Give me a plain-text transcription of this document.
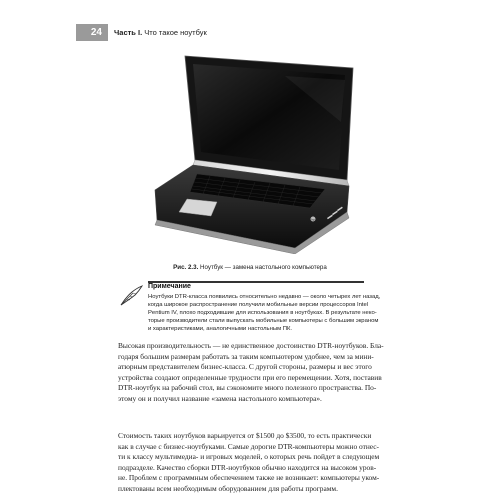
24	Часть I. Что такое ноутбук
hp
Рис. 2.3. Ноутбук — замена настольного компьютера
Примечание
Ноутбуки DTR-класса появились относительно недавно — около четырех лет назад,
когда широкое распространение получили мобильные версии процессоров Intel
Pentium IV, плохо подходившие для использования в ноутбуках. В результате неко-
торые производители стали выпускать мобильные компьютеры с большим экраном
и характеристиками, аналогичными настольным ПК.
Высокая производительность — не единственное достоинство DTR-ноутбуков. Бла-
годаря большим размерам работать за таким компьютером удобнее, чем за мини-
атюрным представителем бизнес-класса. С другой стороны, размеры и вес этого
устройства создают определенные трудности при его перемещении. Хотя, поставив
DTR-ноутбук на рабочий стол, вы сэкономите много полезного пространства. По-
этому он и получил название «замена настольного компьютера».
Стоимость таких ноутбуков варьируется от $1500 до $3500, то есть практически
как в случае с бизнес-ноутбуками. Самые дорогие DTR-компьютеры можно отнес-
ти к классу мультимедиа- и игровых моделей, о которых речь пойдет в следующем
подразделе. Качество сборки DTR-ноутбуков обычно находится на высоком уров-
не. Проблем с программным обеспечением также не возникает: компьютеры уком-
плектованы всем необходимым оборудованием для работы программ.
